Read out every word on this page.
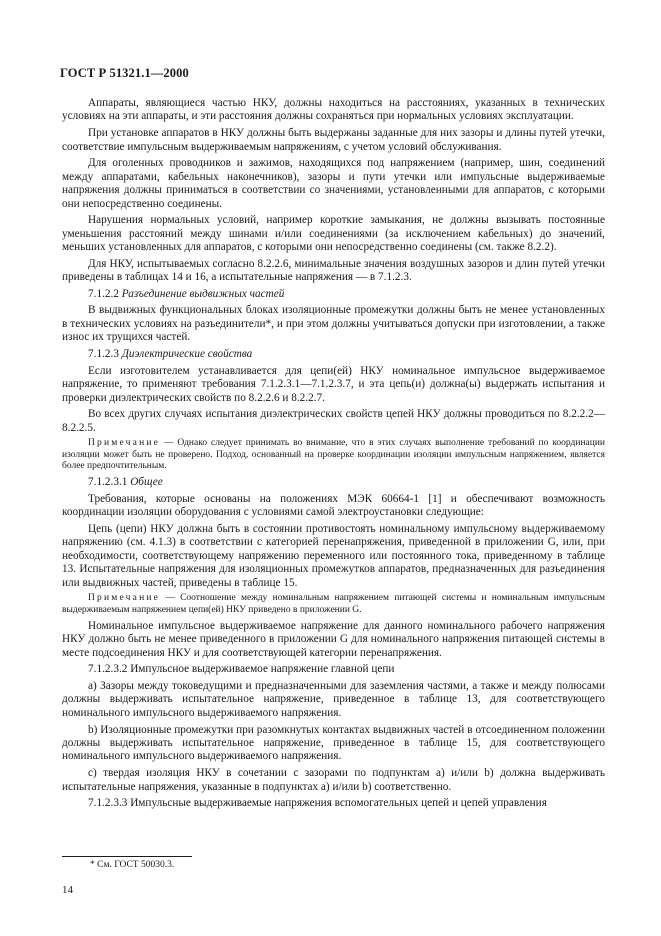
ГОСТ Р 51321.1—2000

Аппараты, являющиеся частью НКУ, должны находиться на расстояниях, указанных в технических условиях на эти аппараты, и эти расстояния должны сохраняться при нормальных условиях эксплуатации.

При установке аппаратов в НКУ должны быть выдержаны заданные для них зазоры и длины путей утечки, соответствие импульсным выдерживаемым напряжениям, с учетом условий обслуживания.

Для оголенных проводников и зажимов, находящихся под напряжением (например, шин, соединений между аппаратами, кабельных наконечников), зазоры и пути утечки или импульсные выдерживаемые напряжения должны приниматься в соответствии со значениями, установленными для аппаратов, с которыми они непосредственно соединены.

Нарушения нормальных условий, например короткие замыкания, не должны вызывать постоянные уменьшения расстояний между шинами и/или соединениями (за исключением кабельных) до значений, меньших установленных для аппаратов, с которыми они непосредственно соединены (см. также 8.2.2).

Для НКУ, испытываемых согласно 8.2.2.6, минимальные значения воздушных зазоров и длин путей утечки приведены в таблицах 14 и 16, а испытательные напряжения — в 7.1.2.3.

7.1.2.2 Разъединение выдвижных частей

В выдвижных функциональных блоках изоляционные промежутки должны быть не менее установленных в технических условиях на разъединители*, и при этом должны учитываться допуски при изготовлении, а также износ их трущихся частей.

7.1.2.3 Диэлектрические свойства

Если изготовителем устанавливается для цепи(ей) НКУ номинальное импульсное выдерживаемое напряжение, то применяют требования 7.1.2.3.1—7.1.2.3.7, и эта цепь(и) должна(ы) выдержать испытания и проверки диэлектрических свойств по 8.2.2.6 и 8.2.2.7.

Во всех других случаях испытания диэлектрических свойств цепей НКУ должны проводиться по 8.2.2.2—8.2.2.5.

Примечание — Однако следует принимать во внимание, что в этих случаях выполнение требований по координации изоляции может быть не проверено. Подход, основанный на проверке координации изоляции импульсным напряжением, является более предпочтительным.

7.1.2.3.1 Общее

Требования, которые основаны на положениях МЭК 60664-1 [1] и обеспечивают возможность координации изоляции оборудования с условиями самой электроустановки следующие:

Цепь (цепи) НКУ должна быть в состоянии противостоять номинальному импульсному выдерживаемому напряжению (см. 4.1.3) в соответствии с категорией перенапряжения, приведенной в приложении G, или, при необходимости, соответствующему напряжению переменного или постоянного тока, приведенному в таблице 13. Испытательные напряжения для изоляционных промежутков аппаратов, предназначенных для разъединения или выдвижных частей, приведены в таблице 15.

Примечание — Соотношение между номинальным напряжением питающей системы и номинальным импульсным выдерживаемым напряжением цепи(ей) НКУ приведено в приложении G.

Номинальное импульсное выдерживаемое напряжение для данного номинального рабочего напряжения НКУ должно быть не менее приведенного в приложении G для номинального напряжения питающей системы в месте подсоединения НКУ и для соответствующей категории перенапряжения.

7.1.2.3.2 Импульсное выдерживаемое напряжение главной цепи

a) Зазоры между токоведущими и предназначенными для заземления частями, а также и между полюсами должны выдерживать испытательное напряжение, приведенное в таблице 13, для соответствующего номинального импульсного выдерживаемого напряжения.

b) Изоляционные промежутки при разомкнутых контактах выдвижных частей в отсоединенном положении должны выдерживать испытательное напряжение, приведенное в таблице 15, для соответствующего номинального импульсного выдерживаемого напряжения.

c) твердая изоляция НКУ в сочетании с зазорами по подпунктам a) и/или b) должна выдерживать испытательные напряжения, указанные в подпунктах a) и/или b) соответственно.

7.1.2.3.3 Импульсные выдерживаемые напряжения вспомогательных цепей и цепей управления

* См. ГОСТ 50030.3.
14
